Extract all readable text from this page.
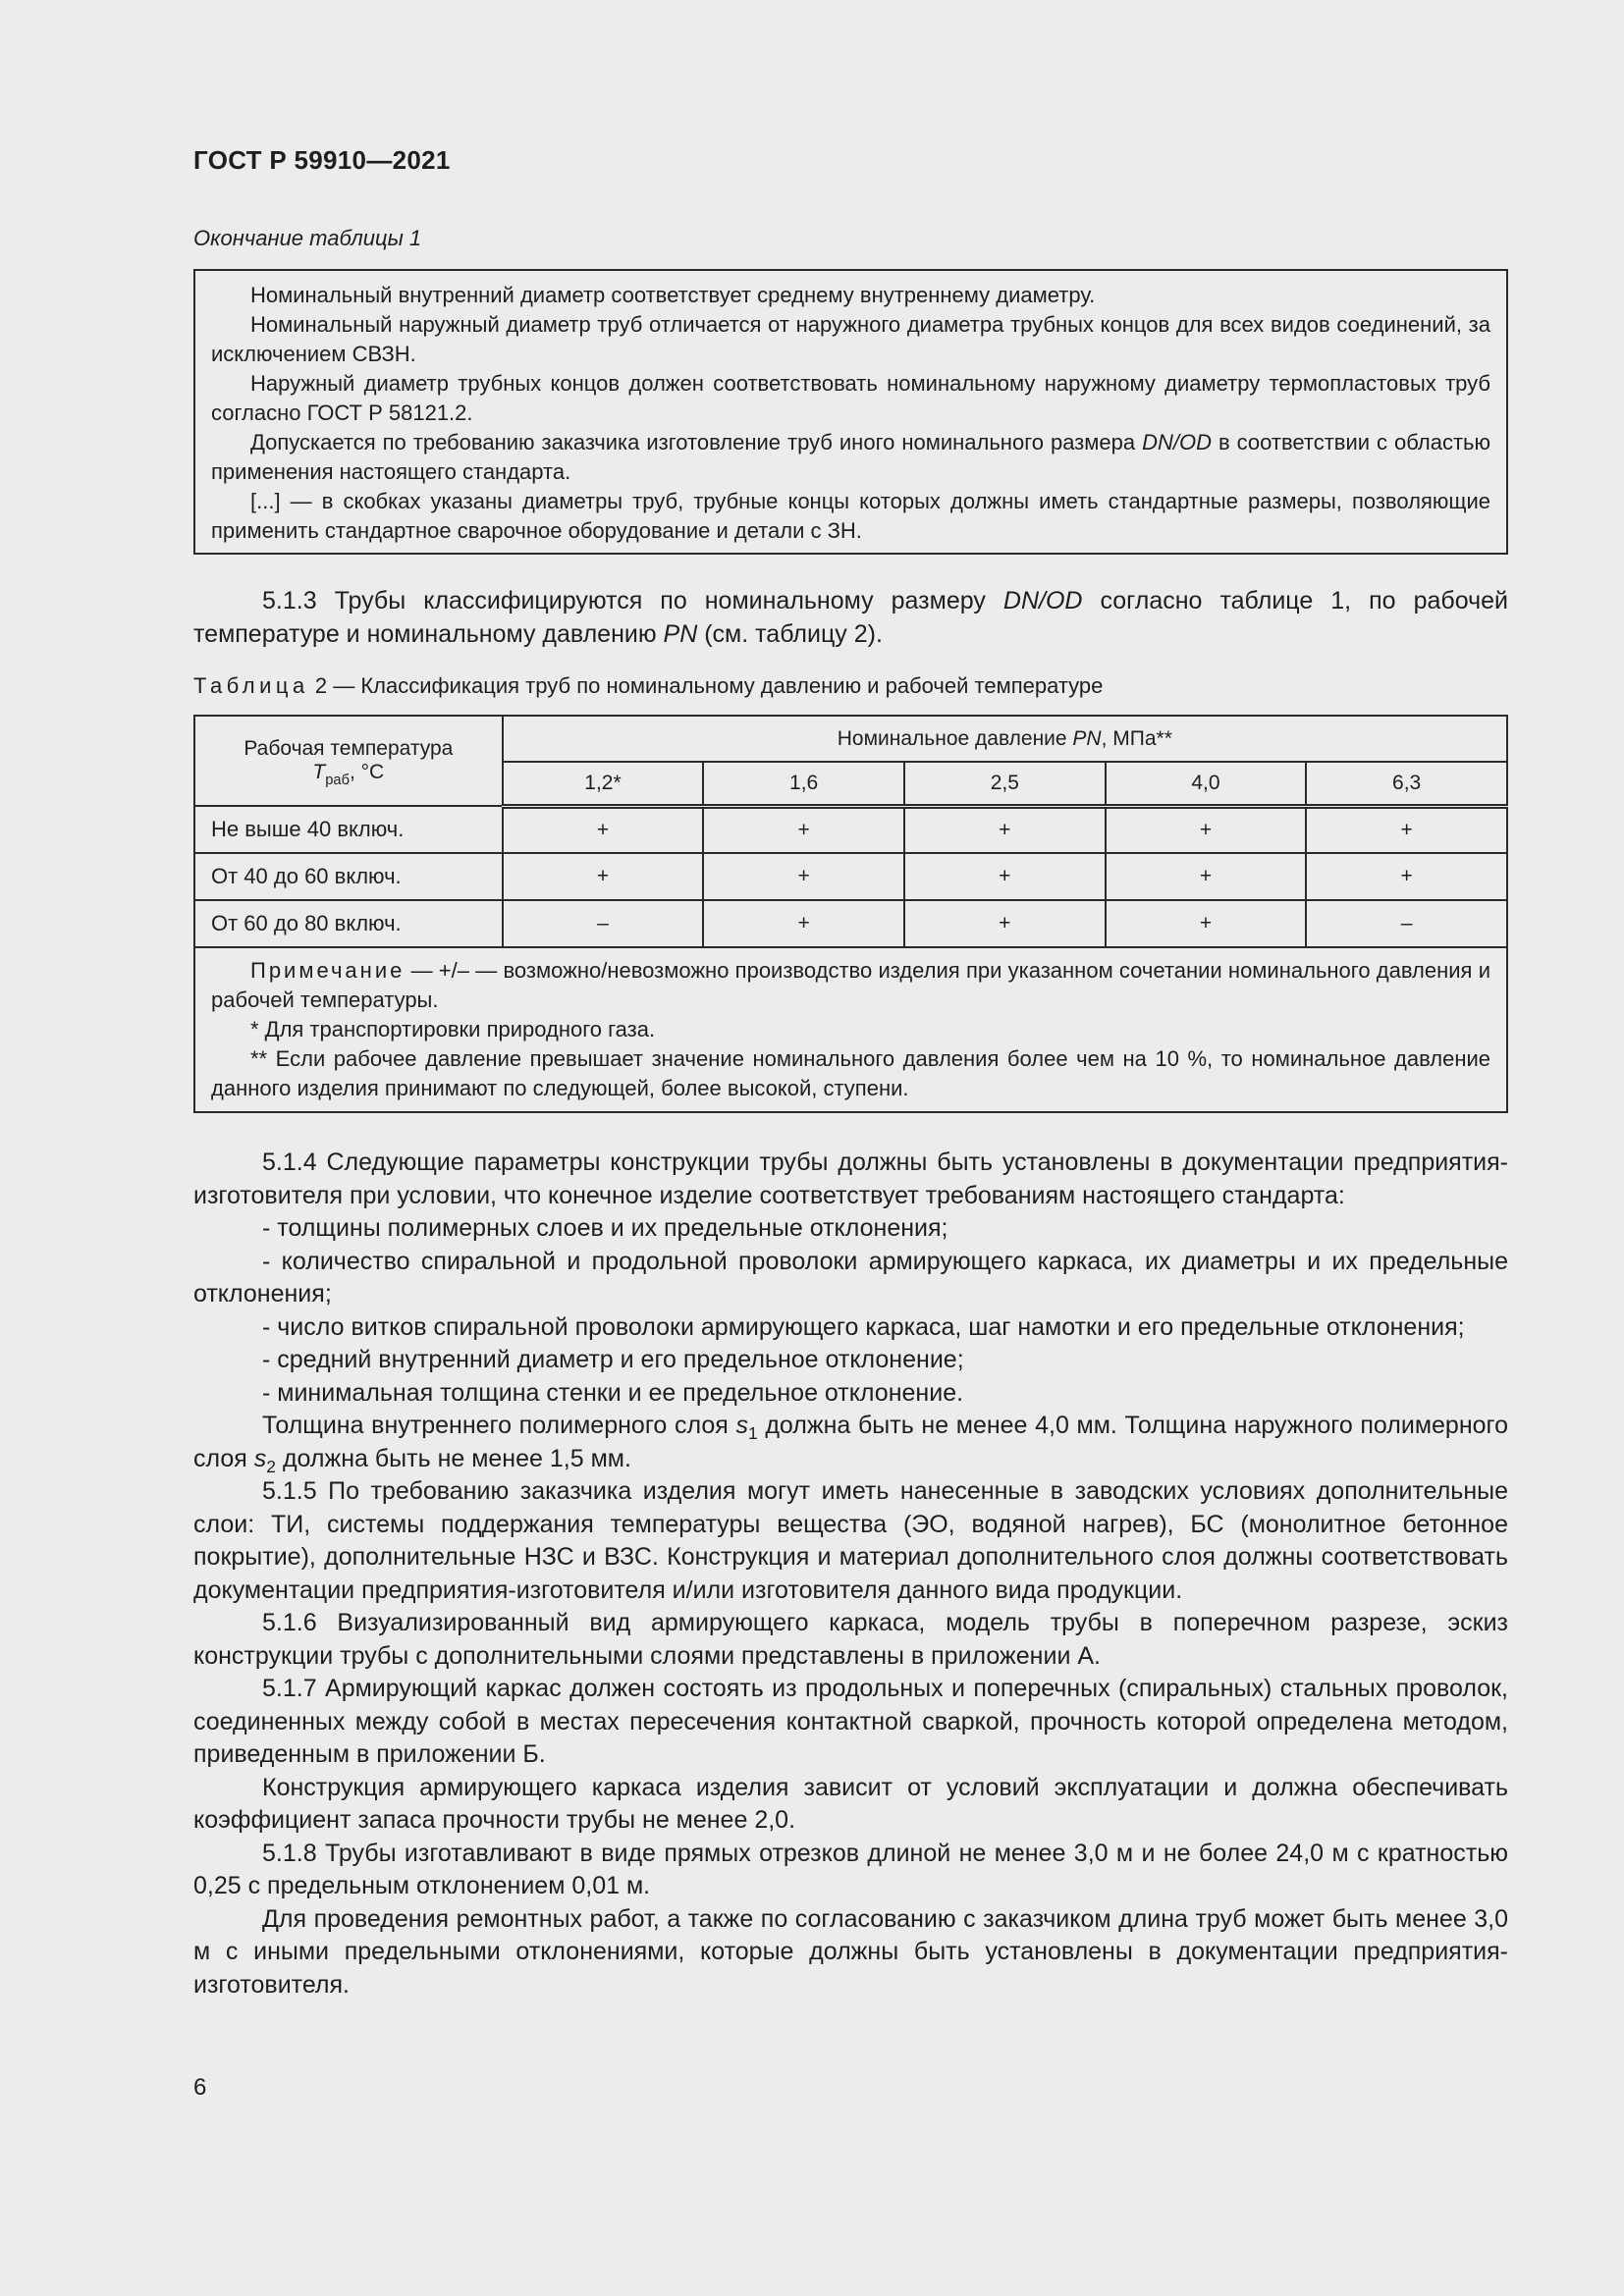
ГОСТ Р 59910—2021
Окончание таблицы 1

Номинальный внутренний диаметр соответствует среднему внутреннему диаметру.

Номинальный наружный диаметр труб отличается от наружного диаметра трубных концов для всех видов соединений, за исключением СВЗН.

Наружный диаметр трубных концов должен соответствовать номинальному наружному диаметру термопластовых труб согласно ГОСТ Р 58121.2.

Допускается по требованию заказчика изготовление труб иного номинального размера DN/OD в соответствии с областью применения настоящего стандарта.

[...] — в скобках указаны диаметры труб, трубные концы которых должны иметь стандартные размеры, позволяющие применить стандартное сварочное оборудование и детали с ЗН.

5.1.3 Трубы классифицируются по номинальному размеру DN/OD согласно таблице 1, по рабочей температуре и номинальному давлению PN (см. таблицу 2).

Таблица 2 — Классификация труб по номинальному давлению и рабочей температуре
Рабочая температура
$T_{раб}$, °С	Номинальное давление PN, МПа**				
	1,2*	1,6	2,5	4,0	6,3
Не выше 40 включ.	+	+	+	+	+
От 40 до 60 включ.	+	+	+	+	+
От 60 до 80 включ.	–	+	+	+	–

Примечание — +/– — возможно/невозможно производство изделия при указанном сочетании номинального давления и рабочей температуры.

* Для транспортировки природного газа.

** Если рабочее давление превышает значение номинального давления более чем на 10 %, то номинальное давление данного изделия принимают по следующей, более высокой, ступени.					

5.1.4 Следующие параметры конструкции трубы должны быть установлены в документации предприятия-изготовителя при условии, что конечное изделие соответствует требованиям настоящего стандарта:

- толщины полимерных слоев и их предельные отклонения;

- количество спиральной и продольной проволоки армирующего каркаса, их диаметры и их предельные отклонения;

- число витков спиральной проволоки армирующего каркаса, шаг намотки и его предельные отклонения;

- средний внутренний диаметр и его предельное отклонение;

- минимальная толщина стенки и ее предельное отклонение.

Толщина внутреннего полимерного слоя $s_1$ должна быть не менее 4,0 мм. Толщина наружного полимерного слоя $s_2$ должна быть не менее 1,5 мм.

5.1.5 По требованию заказчика изделия могут иметь нанесенные в заводских условиях дополнительные слои: ТИ, системы поддержания температуры вещества (ЭО, водяной нагрев), БС (монолитное бетонное покрытие), дополнительные НЗС и ВЗС. Конструкция и материал дополнительного слоя должны соответствовать документации предприятия-изготовителя и/или изготовителя данного вида продукции.

5.1.6 Визуализированный вид армирующего каркаса, модель трубы в поперечном разрезе, эскиз конструкции трубы с дополнительными слоями представлены в приложении А.

5.1.7 Армирующий каркас должен состоять из продольных и поперечных (спиральных) стальных проволок, соединенных между собой в местах пересечения контактной сваркой, прочность которой определена методом, приведенным в приложении Б.

Конструкция армирующего каркаса изделия зависит от условий эксплуатации и должна обеспечивать коэффициент запаса прочности трубы не менее 2,0.

5.1.8 Трубы изготавливают в виде прямых отрезков длиной не менее 3,0 м и не более 24,0 м с кратностью 0,25 с предельным отклонением 0,01 м.

Для проведения ремонтных работ, а также по согласованию с заказчиком длина труб может быть менее 3,0 м с иными предельными отклонениями, которые должны быть установлены в документации предприятия-изготовителя.

6
